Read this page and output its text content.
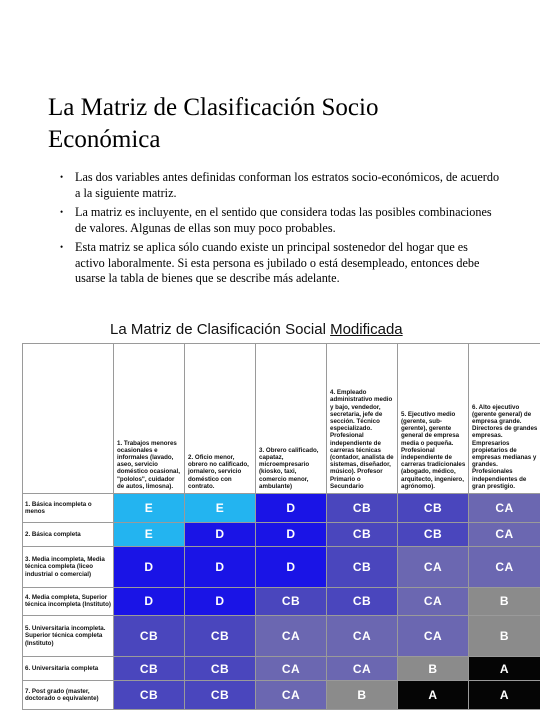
La Matriz de Clasificación Socio Económica
• Las dos variables antes definidas conforman los estratos socio-económicos, de acuerdo a la siguiente matriz.
• La matriz es incluyente, en el sentido que considera todas las posibles combinaciones de valores. Algunas de ellas son muy poco probables.
• Esta matriz se aplica sólo cuando existe un principal sostenedor del hogar que es activo laboralmente. Si esta persona es jubilado o está desempleado, entonces debe usarse la tabla de bienes que se describe más adelante.
La Matriz de Clasificación Social Modificada
	1. Trabajos menores ocasionales e informales (lavado, aseo, servicio doméstico ocasional, "pololos", cuidador de autos, limosna).	2. Oficio menor, obrero no calificado, jornalero, servicio doméstico con contrato.	3. Obrero calificado, capataz, microempresario (kiosko, taxi, comercio menor, ambulante)	4. Empleado administrativo medio y bajo, vendedor, secretaria, jefe de sección. Técnico especializado. Profesional independiente de carreras técnicas (contador, analista de sistemas, diseñador, músico). Profesor Primario o Secundario	5. Ejecutivo medio (gerente, sub-gerente), gerente general de empresa media o pequeña. Profesional independiente de carreras tradicionales (abogado, médico, arquitecto, ingeniero, agrónomo).	6. Alto ejecutivo (gerente general) de empresa grande. Directores de grandes empresas. Empresarios propietarios de empresas medianas y grandes. Profesionales independientes de gran prestigio.
1. Básica incompleta o menos	E	E	D	CB	CB	CA
2. Básica completa	E	D	D	CB	CB	CA
3. Media incompleta, Media técnica completa (liceo industrial o comercial)	D	D	D	CB	CA	CA
4. Media completa, Superior técnica incompleta (Instituto)	D	D	CB	CB	CA	B
5. Universitaria incompleta. Superior técnica completa (Instituto)	CB	CB	CA	CA	CA	B
6. Universitaria completa	CB	CB	CA	CA	B	A
7. Post grado (master, doctorado o equivalente)	CB	CB	CA	B	A	A
